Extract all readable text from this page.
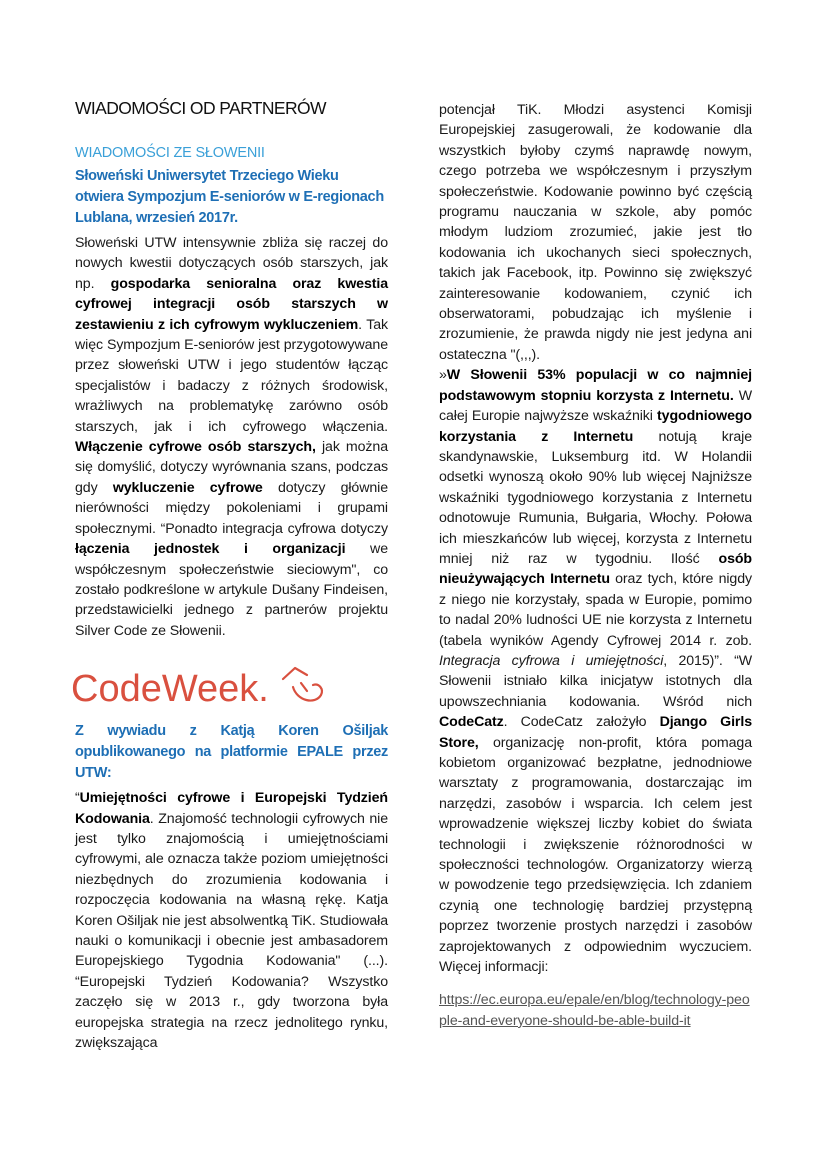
WIADOMOŚCI OD PARTNERÓW
WIADOMOŚCI ZE SŁOWENII
Słoweński Uniwersytet Trzeciego Wieku otwiera Sympozjum E-seniorów w E-regionach Lublana, wrzesień 2017r.

Słoweński UTW intensywnie zbliża się raczej do nowych kwestii dotyczących osób starszych, jak np. gospodarka senioralna oraz kwestia cyfrowej integracji osób starszych w zestawieniu z ich cyfrowym wykluczeniem. Tak więc Sympozjum E-seniorów jest przygotowywane przez słoweński UTW i jego studentów łącząc specjalistów i badaczy z różnych środowisk, wrażliwych na problematykę zarówno osób starszych, jak i ich cyfrowego włączenia. Włączenie cyfrowe osób starszych, jak można się domyślić, dotyczy wyrównania szans, podczas gdy wykluczenie cyfrowe dotyczy głównie nierówności między pokoleniami i grupami społecznymi. “Ponadto integracja cyfrowa dotyczy łączenia jednostek i organizacji we współczesnym społeczeństwie sieciowym", co zostało podkreślone w artykule Dušany Findeisen, przedstawicielki jednego z partnerów projektu Silver Code ze Słowenii.

CodeWeek.
Z wywiadu z Katją Koren Ošiljak opublikowanego na platformie EPALE przez UTW:

“Umiejętności cyfrowe i Europejski Tydzień Kodowania. Znajomość technologii cyfrowych nie jest tylko znajomością i umiejętnościami cyfrowymi, ale oznacza także poziom umiejętności niezbędnych do zrozumienia kodowania i rozpoczęcia kodowania na własną rękę. Katja Koren Ošiljak nie jest absolwentką TiK. Studiowała nauki o komunikacji i obecnie jest ambasadorem Europejskiego Tygodnia Kodowania" (...). “Europejski Tydzień Kodowania? Wszystko zaczęło się w 2013 r., gdy tworzona była europejska strategia na rzecz jednolitego rynku, zwiększająca

potencjał TiK. Młodzi asystenci Komisji Europejskiej zasugerowali, że kodowanie dla wszystkich byłoby czymś naprawdę nowym, czego potrzeba we współczesnym i przyszłym społeczeństwie. Kodowanie powinno być częścią programu nauczania w szkole, aby pomóc młodym ludziom zrozumieć, jakie jest tło kodowania ich ukochanych sieci społecznych, takich jak Facebook, itp. Powinno się zwiększyć zainteresowanie kodowaniem, czynić ich obserwatorami, pobudzając ich myślenie i zrozumienie, że prawda nigdy nie jest jedyna ani ostateczna "(,,,).

»W Słowenii 53% populacji w co najmniej podstawowym stopniu korzysta z Internetu. W całej Europie najwyższe wskaźniki tygodniowego korzystania z Internetu notują kraje skandynawskie, Luksemburg itd. W Holandii odsetki wynoszą około 90% lub więcej Najniższe wskaźniki tygodniowego korzystania z Internetu odnotowuje Rumunia, Bułgaria, Włochy. Połowa ich mieszkańców lub więcej, korzysta z Internetu mniej niż raz w tygodniu. Ilość osób nieużywających Internetu oraz tych, które nigdy z niego nie korzystały, spada w Europie, pomimo to nadal 20% ludności UE nie korzysta z Internetu (tabela wyników Agendy Cyfrowej 2014 r. zob. Integracja cyfrowa i umiejętności, 2015)”. “W Słowenii istniało kilka inicjatyw istotnych dla upowszechniania kodowania. Wśród nich CodeCatz. CodeCatz założyło Django Girls Store, organizację non-profit, która pomaga kobietom organizować bezpłatne, jednodniowe warsztaty z programowania, dostarczając im narzędzi, zasobów i wsparcia. Ich celem jest wprowadzenie większej liczby kobiet do świata technologii i zwiększenie różnorodności w społeczności technologów. Organizatorzy wierzą w powodzenie tego przedsięwzięcia. Ich zdaniem czynią one technologię bardziej przystępną poprzez tworzenie prostych narzędzi i zasobów zaprojektowanych z odpowiednim wyczuciem. Więcej informacji:

https://ec.europa.eu/epale/en/blog/technology-people-and-everyone-should-be-able-build-it
